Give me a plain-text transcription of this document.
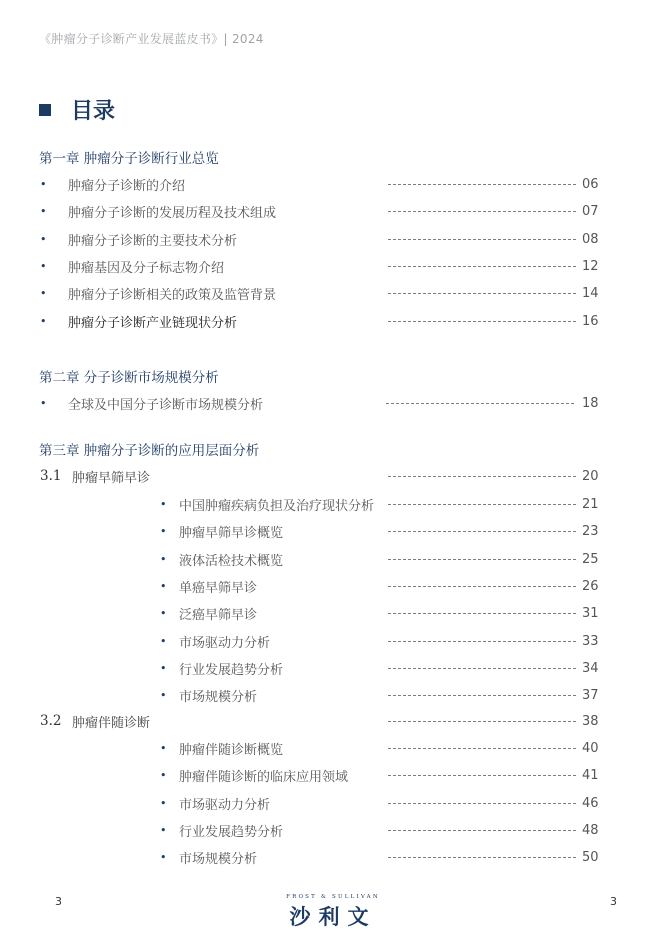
《肿瘤分子诊断产业发展蓝皮书》| 2024
目录
第一章 肿瘤分子诊断行业总览
• 肿瘤分子诊断的介绍	06
• 肿瘤分子诊断的发展历程及技术组成	07
• 肿瘤分子诊断的主要技术分析	08
• 肿瘤基因及分子标志物介绍	12
• 肿瘤分子诊断相关的政策及监管背景	14
• 肿瘤分子诊断产业链现状分析	16
第二章 分子诊断市场规模分析
• 全球及中国分子诊断市场规模分析	18
第三章 肿瘤分子诊断的应用层面分析
3.1 肿瘤早筛早诊	20
• 中国肿瘤疾病负担及治疗现状分析	21
• 肿瘤早筛早诊概览	23
• 液体活检技术概览	25
• 单癌早筛早诊	26
• 泛癌早筛早诊	31
• 市场驱动力分析	33
• 行业发展趋势分析	34
• 市场规模分析	37
3.2 肿瘤伴随诊断	38
• 肿瘤伴随诊断概览	40
• 肿瘤伴随诊断的临床应用领域	41
• 市场驱动力分析	46
• 行业发展趋势分析	48
• 市场规模分析	50
3	FROST & SULLIVAN
沙利文
3
